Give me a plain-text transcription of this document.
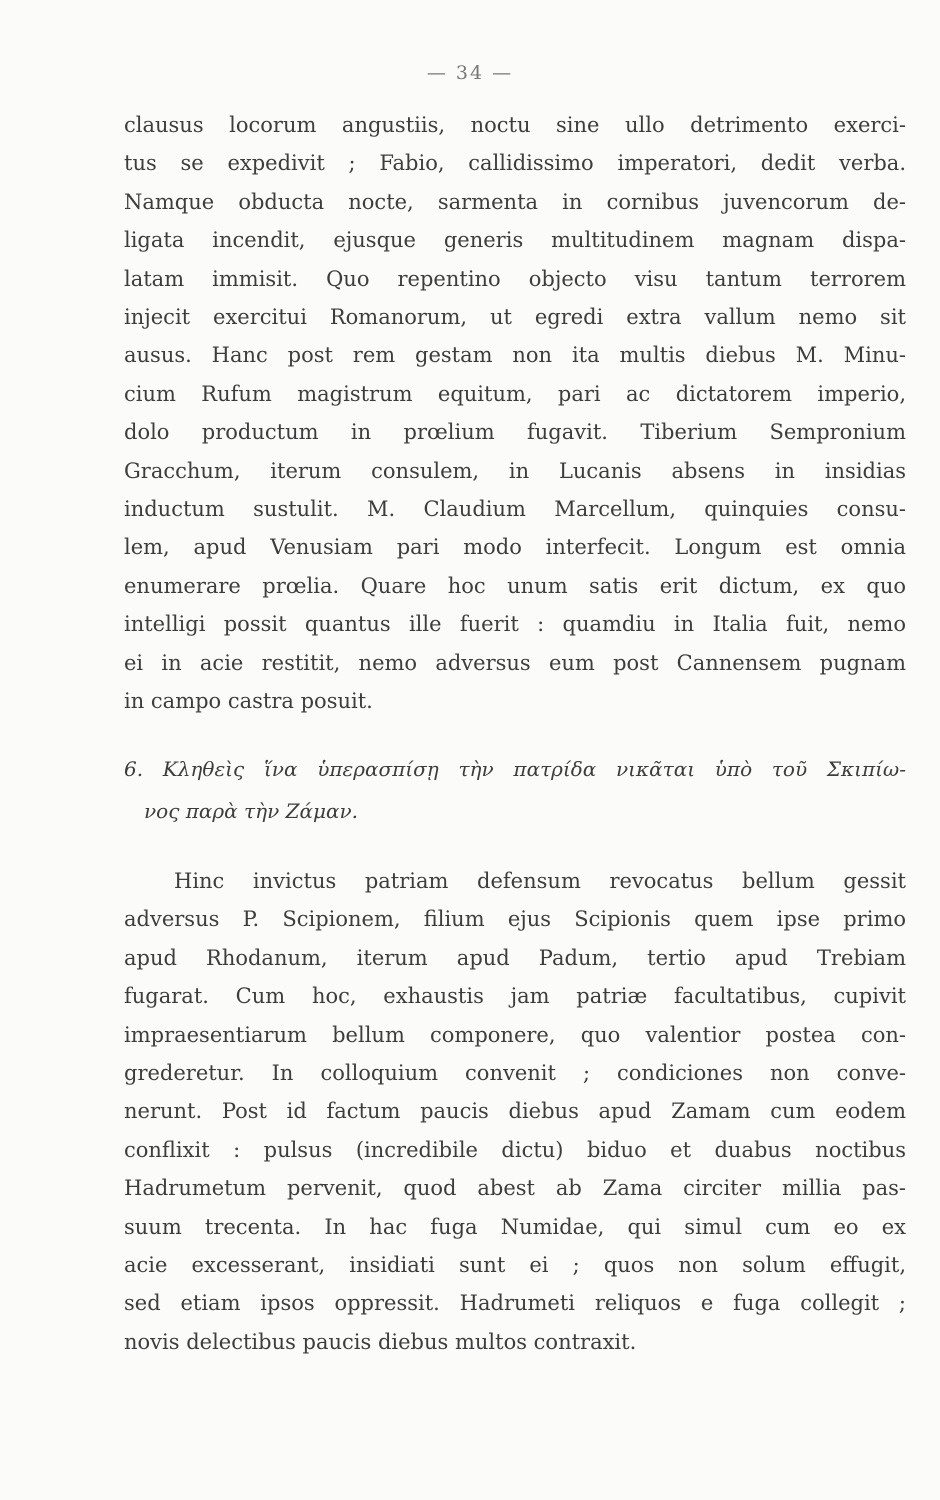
— 34 —
clausus locorum angustiis, noctu sine ullo detrimento exerci-
tus se expedivit ; Fabio, callidissimo imperatori, dedit verba.
Namque obducta nocte, sarmenta in cornibus juvencorum de-
ligata incendit, ejusque generis multitudinem magnam dispa-
latam immisit. Quo repentino objecto visu tantum terrorem
injecit exercitui Romanorum, ut egredi extra vallum nemo sit
ausus. Hanc post rem gestam non ita multis diebus M. Minu-
cium Rufum magistrum equitum, pari ac dictatorem imperio,
dolo productum in prœlium fugavit. Tiberium Sempronium
Gracchum, iterum consulem, in Lucanis absens in insidias
inductum sustulit. M. Claudium Marcellum, quinquies consu-
lem, apud Venusiam pari modo interfecit. Longum est omnia
enumerare prœlia. Quare hoc unum satis erit dictum, ex quo
intelligi possit quantus ille fuerit : quamdiu in Italia fuit, nemo
ei in acie restitit, nemo adversus eum post Cannensem pugnam
in campo castra posuit.
6. Κληθεὶς ἵνα ὑπερασπίσῃ τὴν πατρίδα νικᾶται ὑπὸ τοῦ Σκιπίω-
νος παρὰ τὴν Ζάμαν.
Hinc invictus patriam defensum revocatus bellum gessit
adversus P. Scipionem, filium ejus Scipionis quem ipse primo
apud Rhodanum, iterum apud Padum, tertio apud Trebiam
fugarat. Cum hoc, exhaustis jam patriæ facultatibus, cupivit
impraesentiarum bellum componere, quo valentior postea con-
grederetur. In colloquium convenit ; condiciones non conve-
nerunt. Post id factum paucis diebus apud Zamam cum eodem
conflixit : pulsus (incredibile dictu) biduo et duabus noctibus
Hadrumetum pervenit, quod abest ab Zama circiter millia pas-
suum trecenta. In hac fuga Numidae, qui simul cum eo ex
acie excesserant, insidiati sunt ei ; quos non solum effugit,
sed etiam ipsos oppressit. Hadrumeti reliquos e fuga collegit ;
novis delectibus paucis diebus multos contraxit.
